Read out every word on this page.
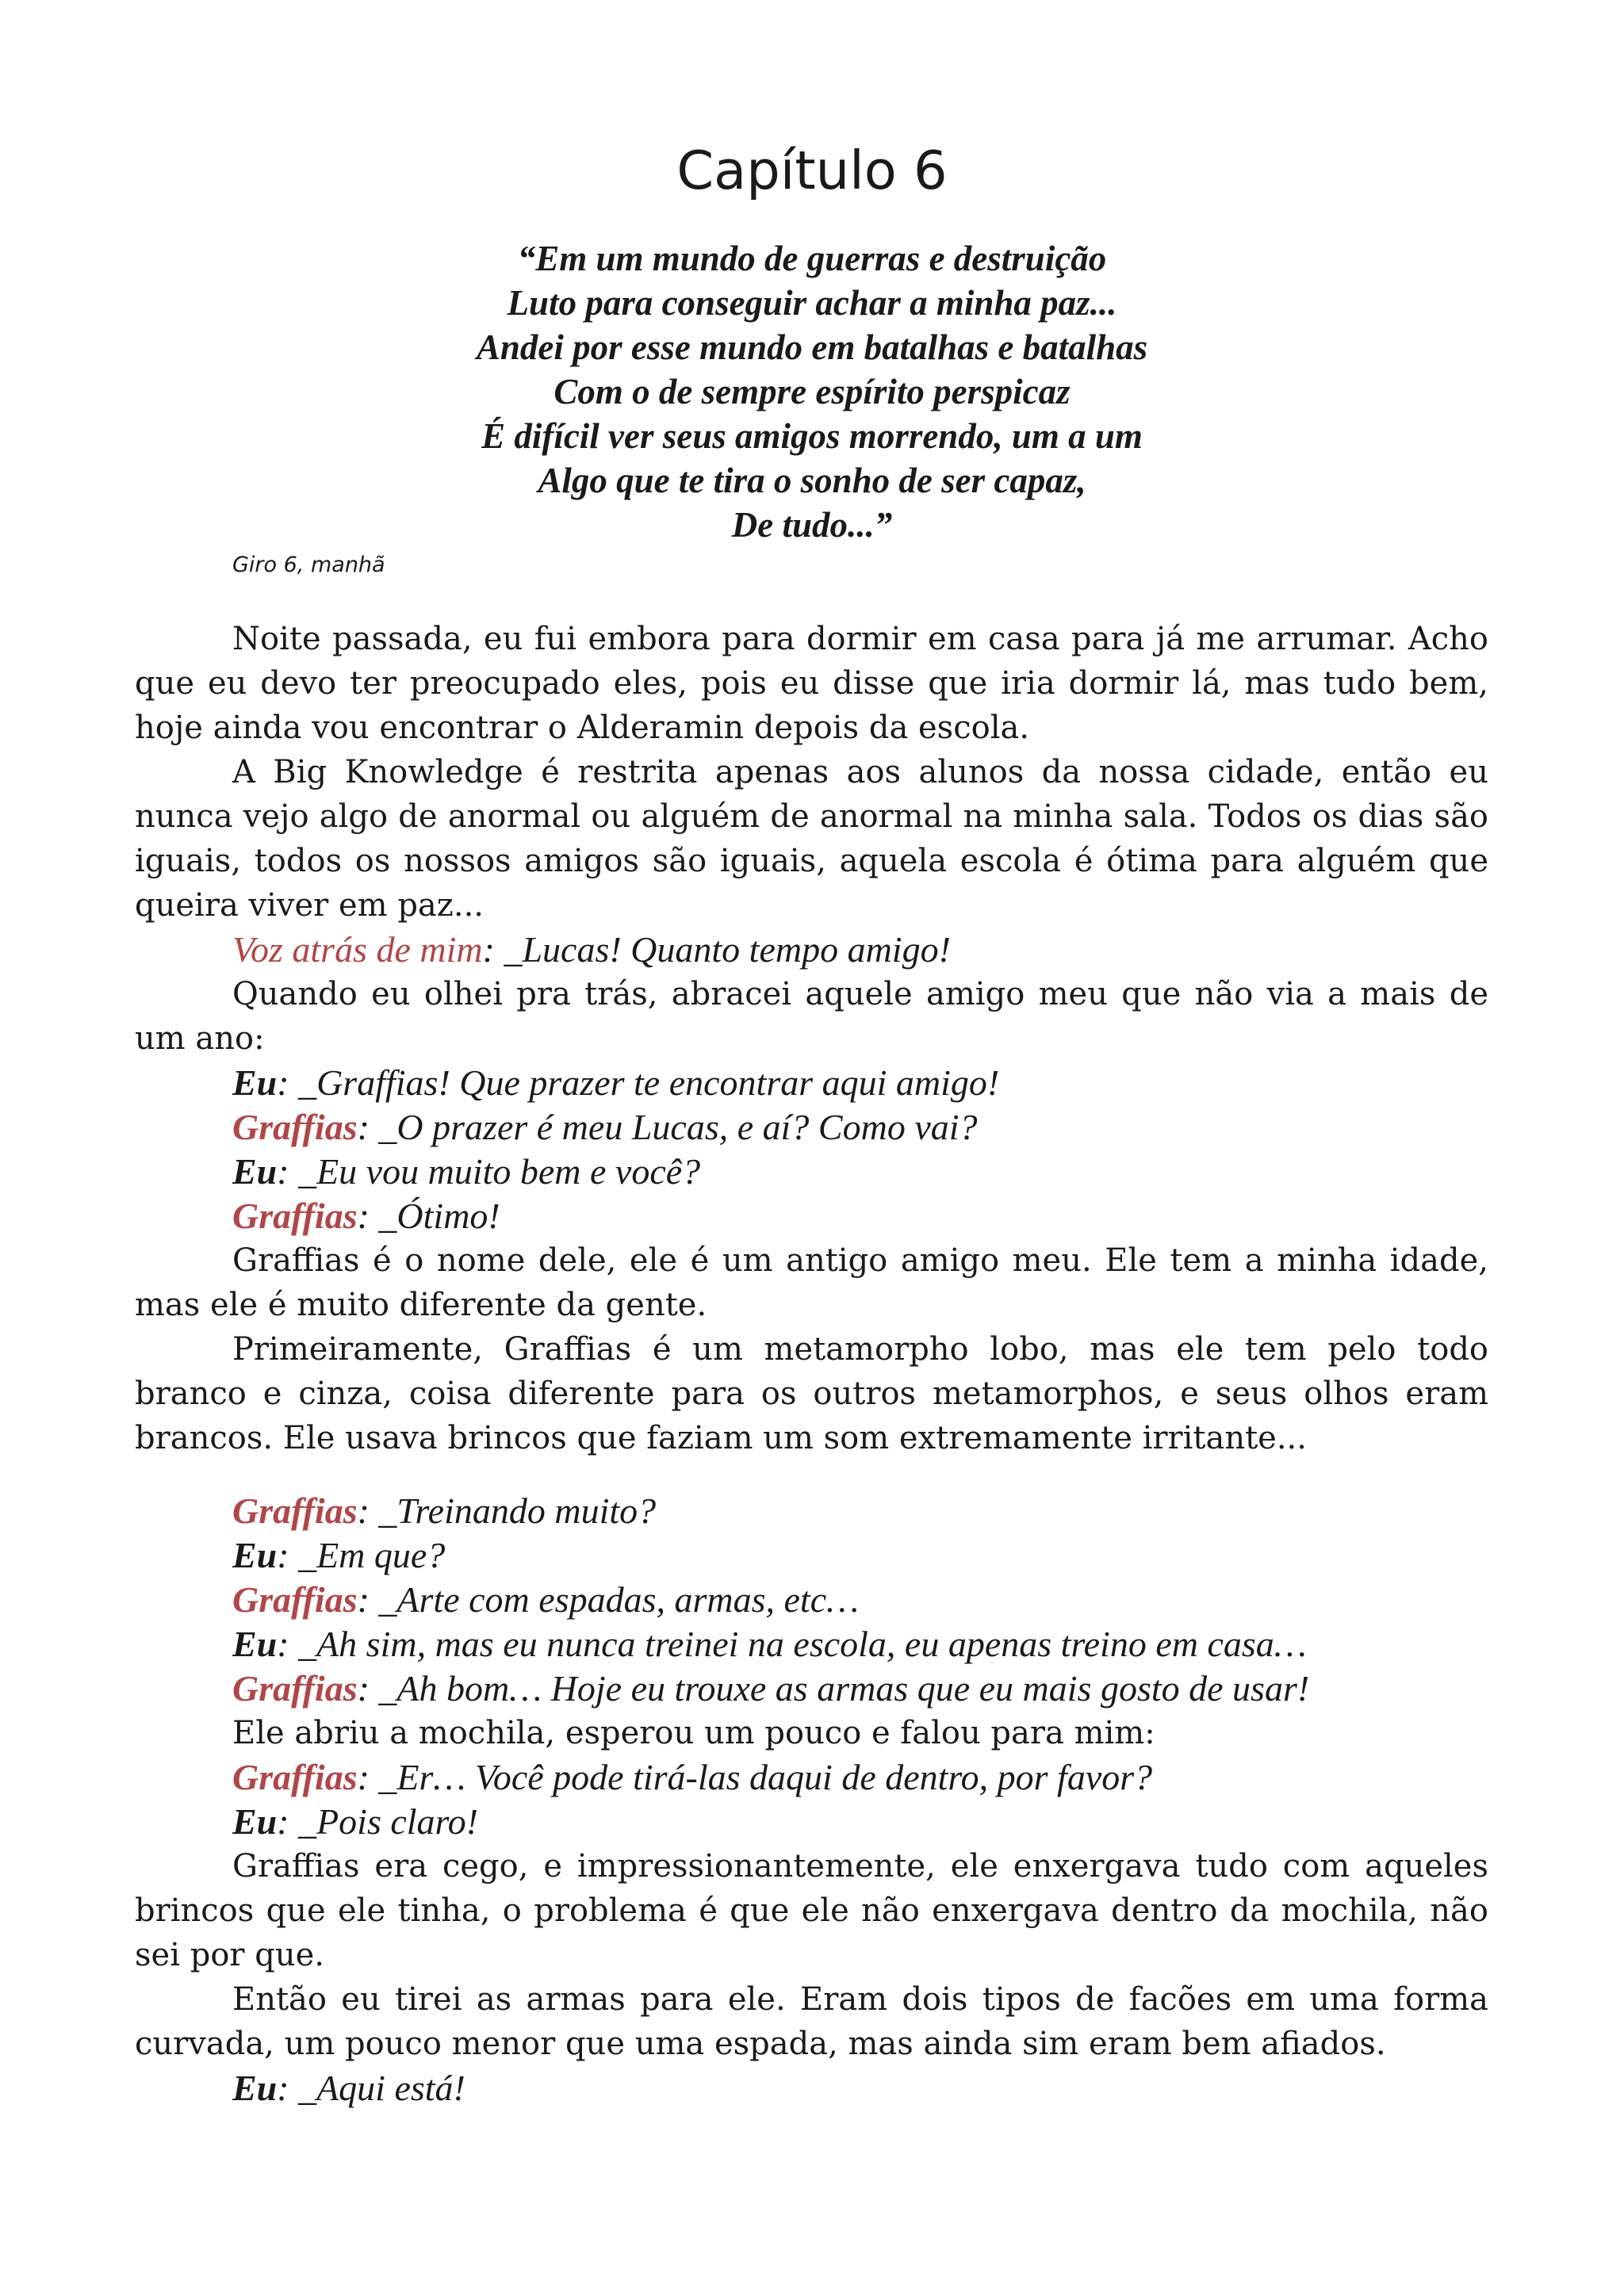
Capítulo 6
“Em um mundo de guerras e destruição
Luto para conseguir achar a minha paz...
Andei por esse mundo em batalhas e batalhas
Com o de sempre espírito perspicaz
É difícil ver seus amigos morrendo, um a um
Algo que te tira o sonho de ser capaz,
De tudo...”
Giro 6, manhã
Noite passada, eu fui embora para dormir em casa para já me arrumar. Acho
que eu devo ter preocupado eles, pois eu disse que iria dormir lá, mas tudo bem,
hoje ainda vou encontrar o Alderamin depois da escola.
A Big Knowledge é restrita apenas aos alunos da nossa cidade, então eu
nunca vejo algo de anormal ou alguém de anormal na minha sala. Todos os dias são
iguais, todos os nossos amigos são iguais, aquela escola é ótima para alguém que
queira viver em paz...
Voz atrás de mim: _Lucas! Quanto tempo amigo!
Quando eu olhei pra trás, abracei aquele amigo meu que não via a mais de
um ano:
Eu: _Graffias! Que prazer te encontrar aqui amigo!
Graffias: _O prazer é meu Lucas, e aí? Como vai?
Eu: _Eu vou muito bem e você?
Graffias: _Ótimo!
Graffias é o nome dele, ele é um antigo amigo meu. Ele tem a minha idade,
mas ele é muito diferente da gente.
Primeiramente, Graffias é um metamorpho lobo, mas ele tem pelo todo
branco e cinza, coisa diferente para os outros metamorphos, e seus olhos eram
brancos. Ele usava brincos que faziam um som extremamente irritante...
Graffias: _Treinando muito?
Eu: _Em que?
Graffias: _Arte com espadas, armas, etc…
Eu: _Ah sim, mas eu nunca treinei na escola, eu apenas treino em casa…
Graffias: _Ah bom… Hoje eu trouxe as armas que eu mais gosto de usar!
Ele abriu a mochila, esperou um pouco e falou para mim:
Graffias: _Er… Você pode tirá-las daqui de dentro, por favor?
Eu: _Pois claro!
Graffias era cego, e impressionantemente, ele enxergava tudo com aqueles
brincos que ele tinha, o problema é que ele não enxergava dentro da mochila, não
sei por que.
Então eu tirei as armas para ele. Eram dois tipos de facões em uma forma
curvada, um pouco menor que uma espada, mas ainda sim eram bem afiados.
Eu: _Aqui está!
